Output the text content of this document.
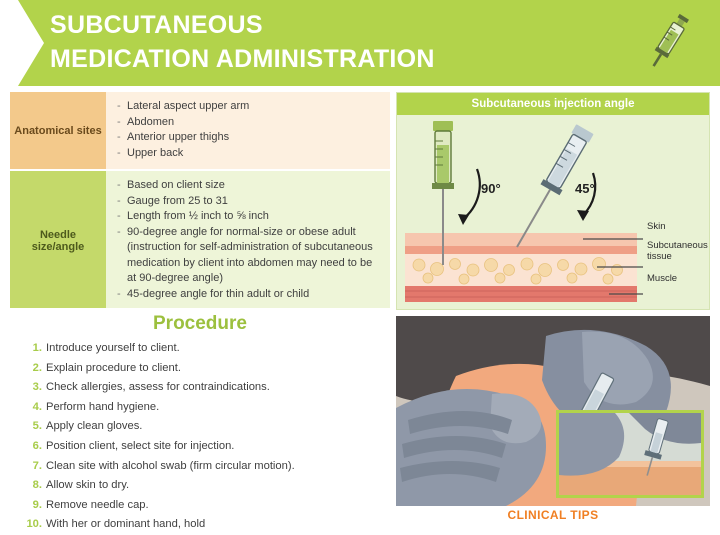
SUBCUTANEOUS
MEDICATION ADMINISTRATION
Anatomical sites
- Lateral aspect upper arm
- Abdomen
- Anterior upper thighs
- Upper back
Needle size/angle
- Based on client size
- Gauge from 25 to 31
- Length from ½ inch to ⅝ inch
- 90-degree angle for normal-size or obese adult (instruction for self-administration of subcutaneous medication by client into abdomen may need to be at 90-degree angle)
- 45-degree angle for thin adult or child
Procedure
Introduce yourself to client.
Explain procedure to client.
Check allergies, assess for contraindications.
Perform hand hygiene.
Apply clean gloves.
Position client, select site for injection.
Clean site with alcohol swab (firm circular motion).
Allow skin to dry.
Remove needle cap.
With her or dominant hand, hold
Subcutaneous injection angle
90°	45°
Skin
Subcutaneous tissue
Muscle
CLINICAL TIPS
